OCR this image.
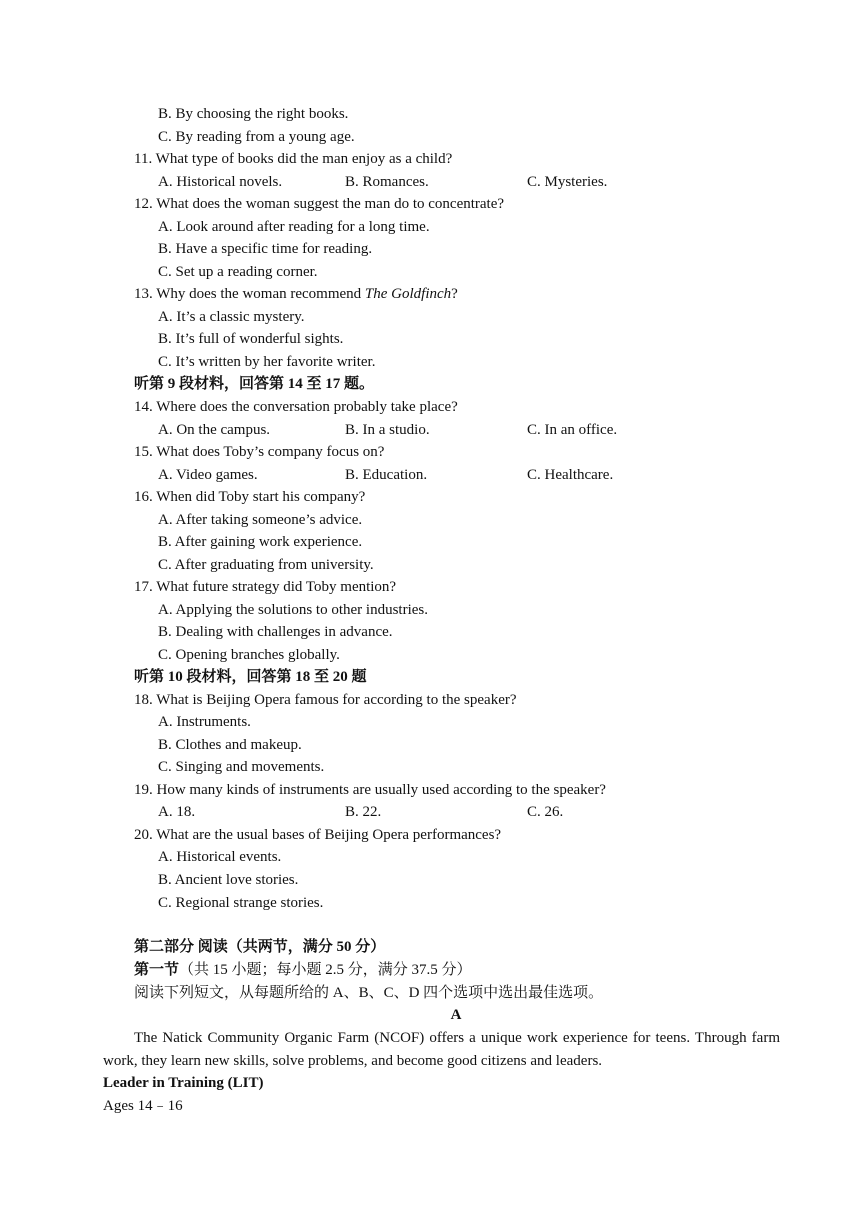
B. By choosing the right books.
C. By reading from a young age.
11. What type of books did the man enjoy as a child?
A. Historical novels.	B. Romances.	C. Mysteries.
12. What does the woman suggest the man do to concentrate?
A. Look around after reading for a long time.
B. Have a specific time for reading.
C. Set up a reading corner.
13. Why does the woman recommend The Goldfinch?
A. It’s a classic mystery.
B. It’s full of wonderful sights.
C. It’s written by her favorite writer.
听第 9 段材料，回答第 14 至 17 题。
14. Where does the conversation probably take place?
A. On the campus.	B. In a studio.	C. In an office.
15. What does Toby’s company focus on?
A. Video games.	B. Education.	C. Healthcare.
16. When did Toby start his company?
A. After taking someone’s advice.
B. After gaining work experience.
C. After graduating from university.
17. What future strategy did Toby mention?
A. Applying the solutions to other industries.
B. Dealing with challenges in advance.
C. Opening branches globally.
听第 10 段材料，回答第 18 至 20 题
18. What is Beijing Opera famous for according to the speaker?
A. Instruments.
B. Clothes and makeup.
C. Singing and movements.
19. How many kinds of instruments are usually used according to the speaker?
A. 18.	B. 22.	C. 26.
20. What are the usual bases of Beijing Opera performances?
A. Historical events.
B. Ancient love stories.
C. Regional strange stories.
第二部分 阅读（共两节，满分 50 分）
第一节（共 15 小题；每小题 2.5 分，满分 37.5 分）
阅读下列短文，从每题所给的 A、B、C、D 四个选项中选出最佳选项。
A
The Natick Community Organic Farm (NCOF) offers a unique work experience for teens. Through farm work, they learn new skills, solve problems, and become good citizens and leaders.
Leader in Training (LIT)
Ages 14﹣16
